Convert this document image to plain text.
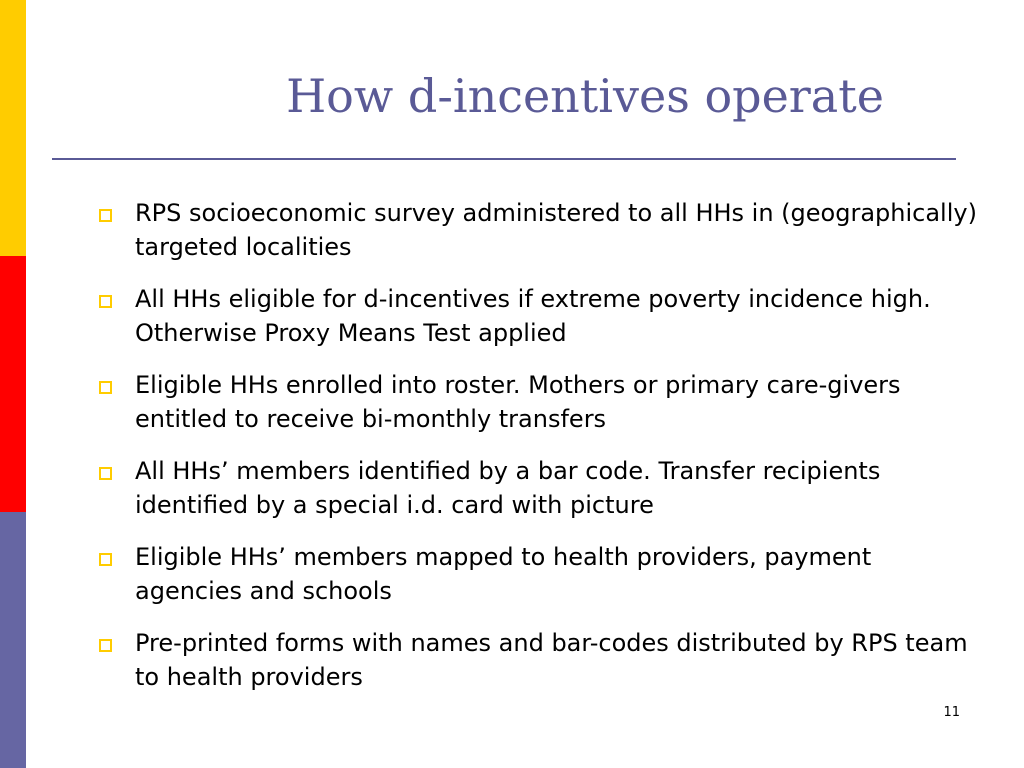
How d-incentives operate
RPS socioeconomic survey administered to all HHs in (geographically) targeted localities
All HHs eligible for d-incentives if extreme poverty incidence high. Otherwise Proxy Means Test applied
Eligible HHs enrolled into roster. Mothers or primary care-givers entitled to receive bi-monthly transfers
All HHs’ members identified by a bar code. Transfer recipients identified by a special i.d. card with picture
Eligible HHs’ members mapped to health providers, payment agencies and schools
Pre-printed forms with names and bar-codes distributed by RPS team to health providers
11
